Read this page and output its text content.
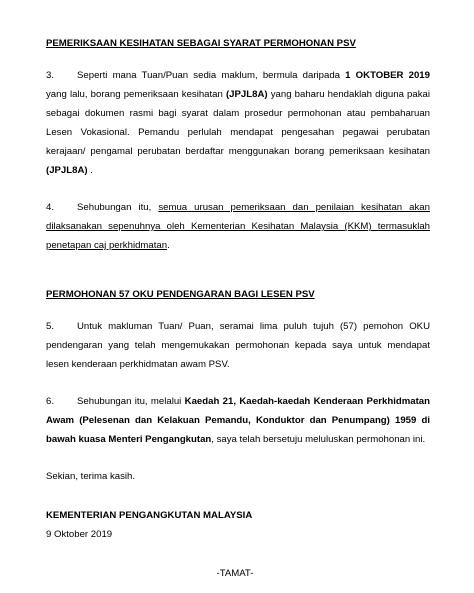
PEMERIKSAAN KESIHATAN SEBAGAI SYARAT PERMOHONAN PSV

3. Seperti mana Tuan/Puan sedia maklum, bermula daripada 1 OKTOBER 2019 yang lalu, borang pemeriksaan kesihatan (JPJL8A) yang baharu hendaklah diguna pakai sebagai dokumen rasmi bagi syarat dalam prosedur permohonan atau pembaharuan Lesen Vokasional. Pemandu perlulah mendapat pengesahan pegawai perubatan kerajaan/ pengamal perubatan berdaftar menggunakan borang pemeriksaan kesihatan (JPJL8A) .

4. Sehubungan itu, semua urusan pemeriksaan dan penilaian kesihatan akan dilaksanakan sepenuhnya oleh Kementerian Kesihatan Malaysia (KKM) termasuklah penetapan caj perkhidmatan.

PERMOHONAN 57 OKU PENDENGARAN BAGI LESEN PSV

5. Untuk makluman Tuan/ Puan, seramai lima puluh tujuh (57) pemohon OKU pendengaran yang telah mengemukakan permohonan kepada saya untuk mendapat lesen kenderaan perkhidmatan awam PSV.

6. Sehubungan itu, melalui Kaedah 21, Kaedah-kaedah Kenderaan Perkhidmatan Awam (Pelesenan dan Kelakuan Pemandu, Konduktor dan Penumpang) 1959 di bawah kuasa Menteri Pengangkutan, saya telah bersetuju meluluskan permohonan ini.

Sekian, terima kasih.

KEMENTERIAN PENGANGKUTAN MALAYSIA

9 Oktober 2019

-TAMAT-
